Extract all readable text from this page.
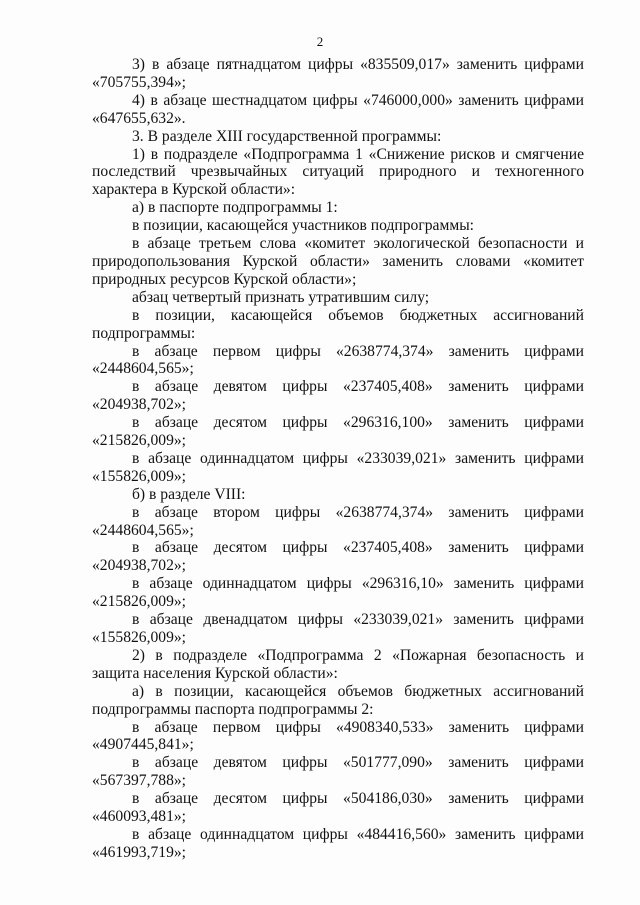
2

3) в абзаце пятнадцатом цифры «835509,017» заменить цифрами «705755,394»;

4) в абзаце шестнадцатом цифры «746000,000» заменить цифрами «647655,632».

3. В разделе XIII государственной программы:

1) в подразделе «Подпрограмма 1 «Снижение рисков и смягчение последствий чрезвычайных ситуаций природного и техногенного характера в Курской области»:

а) в паспорте подпрограммы 1:

в позиции, касающейся участников подпрограммы:

в абзаце третьем слова «комитет экологической безопасности и природопользования Курской области» заменить словами «комитет природных ресурсов Курской области»;

абзац четвертый признать утратившим силу;

в позиции, касающейся объемов бюджетных ассигнований подпрограммы:

в абзаце первом цифры «2638774,374» заменить цифрами «2448604,565»;

в абзаце девятом цифры «237405,408» заменить цифрами «204938,702»;

в абзаце десятом цифры «296316,100» заменить цифрами «215826,009»;

в абзаце одиннадцатом цифры «233039,021» заменить цифрами «155826,009»;

б) в разделе VIII:

в абзаце втором цифры «2638774,374» заменить цифрами «2448604,565»;

в абзаце десятом цифры «237405,408» заменить цифрами «204938,702»;

в абзаце одиннадцатом цифры «296316,10» заменить цифрами «215826,009»;

в абзаце двенадцатом цифры «233039,021» заменить цифрами «155826,009»;

2) в подразделе «Подпрограмма 2 «Пожарная безопасность и защита населения Курской области»:

а) в позиции, касающейся объемов бюджетных ассигнований подпрограммы паспорта подпрограммы 2:

в абзаце первом цифры «4908340,533» заменить цифрами «4907445,841»;

в абзаце девятом цифры «501777,090» заменить цифрами «567397,788»;

в абзаце десятом цифры «504186,030» заменить цифрами «460093,481»;

в абзаце одиннадцатом цифры «484416,560» заменить цифрами «461993,719»;
